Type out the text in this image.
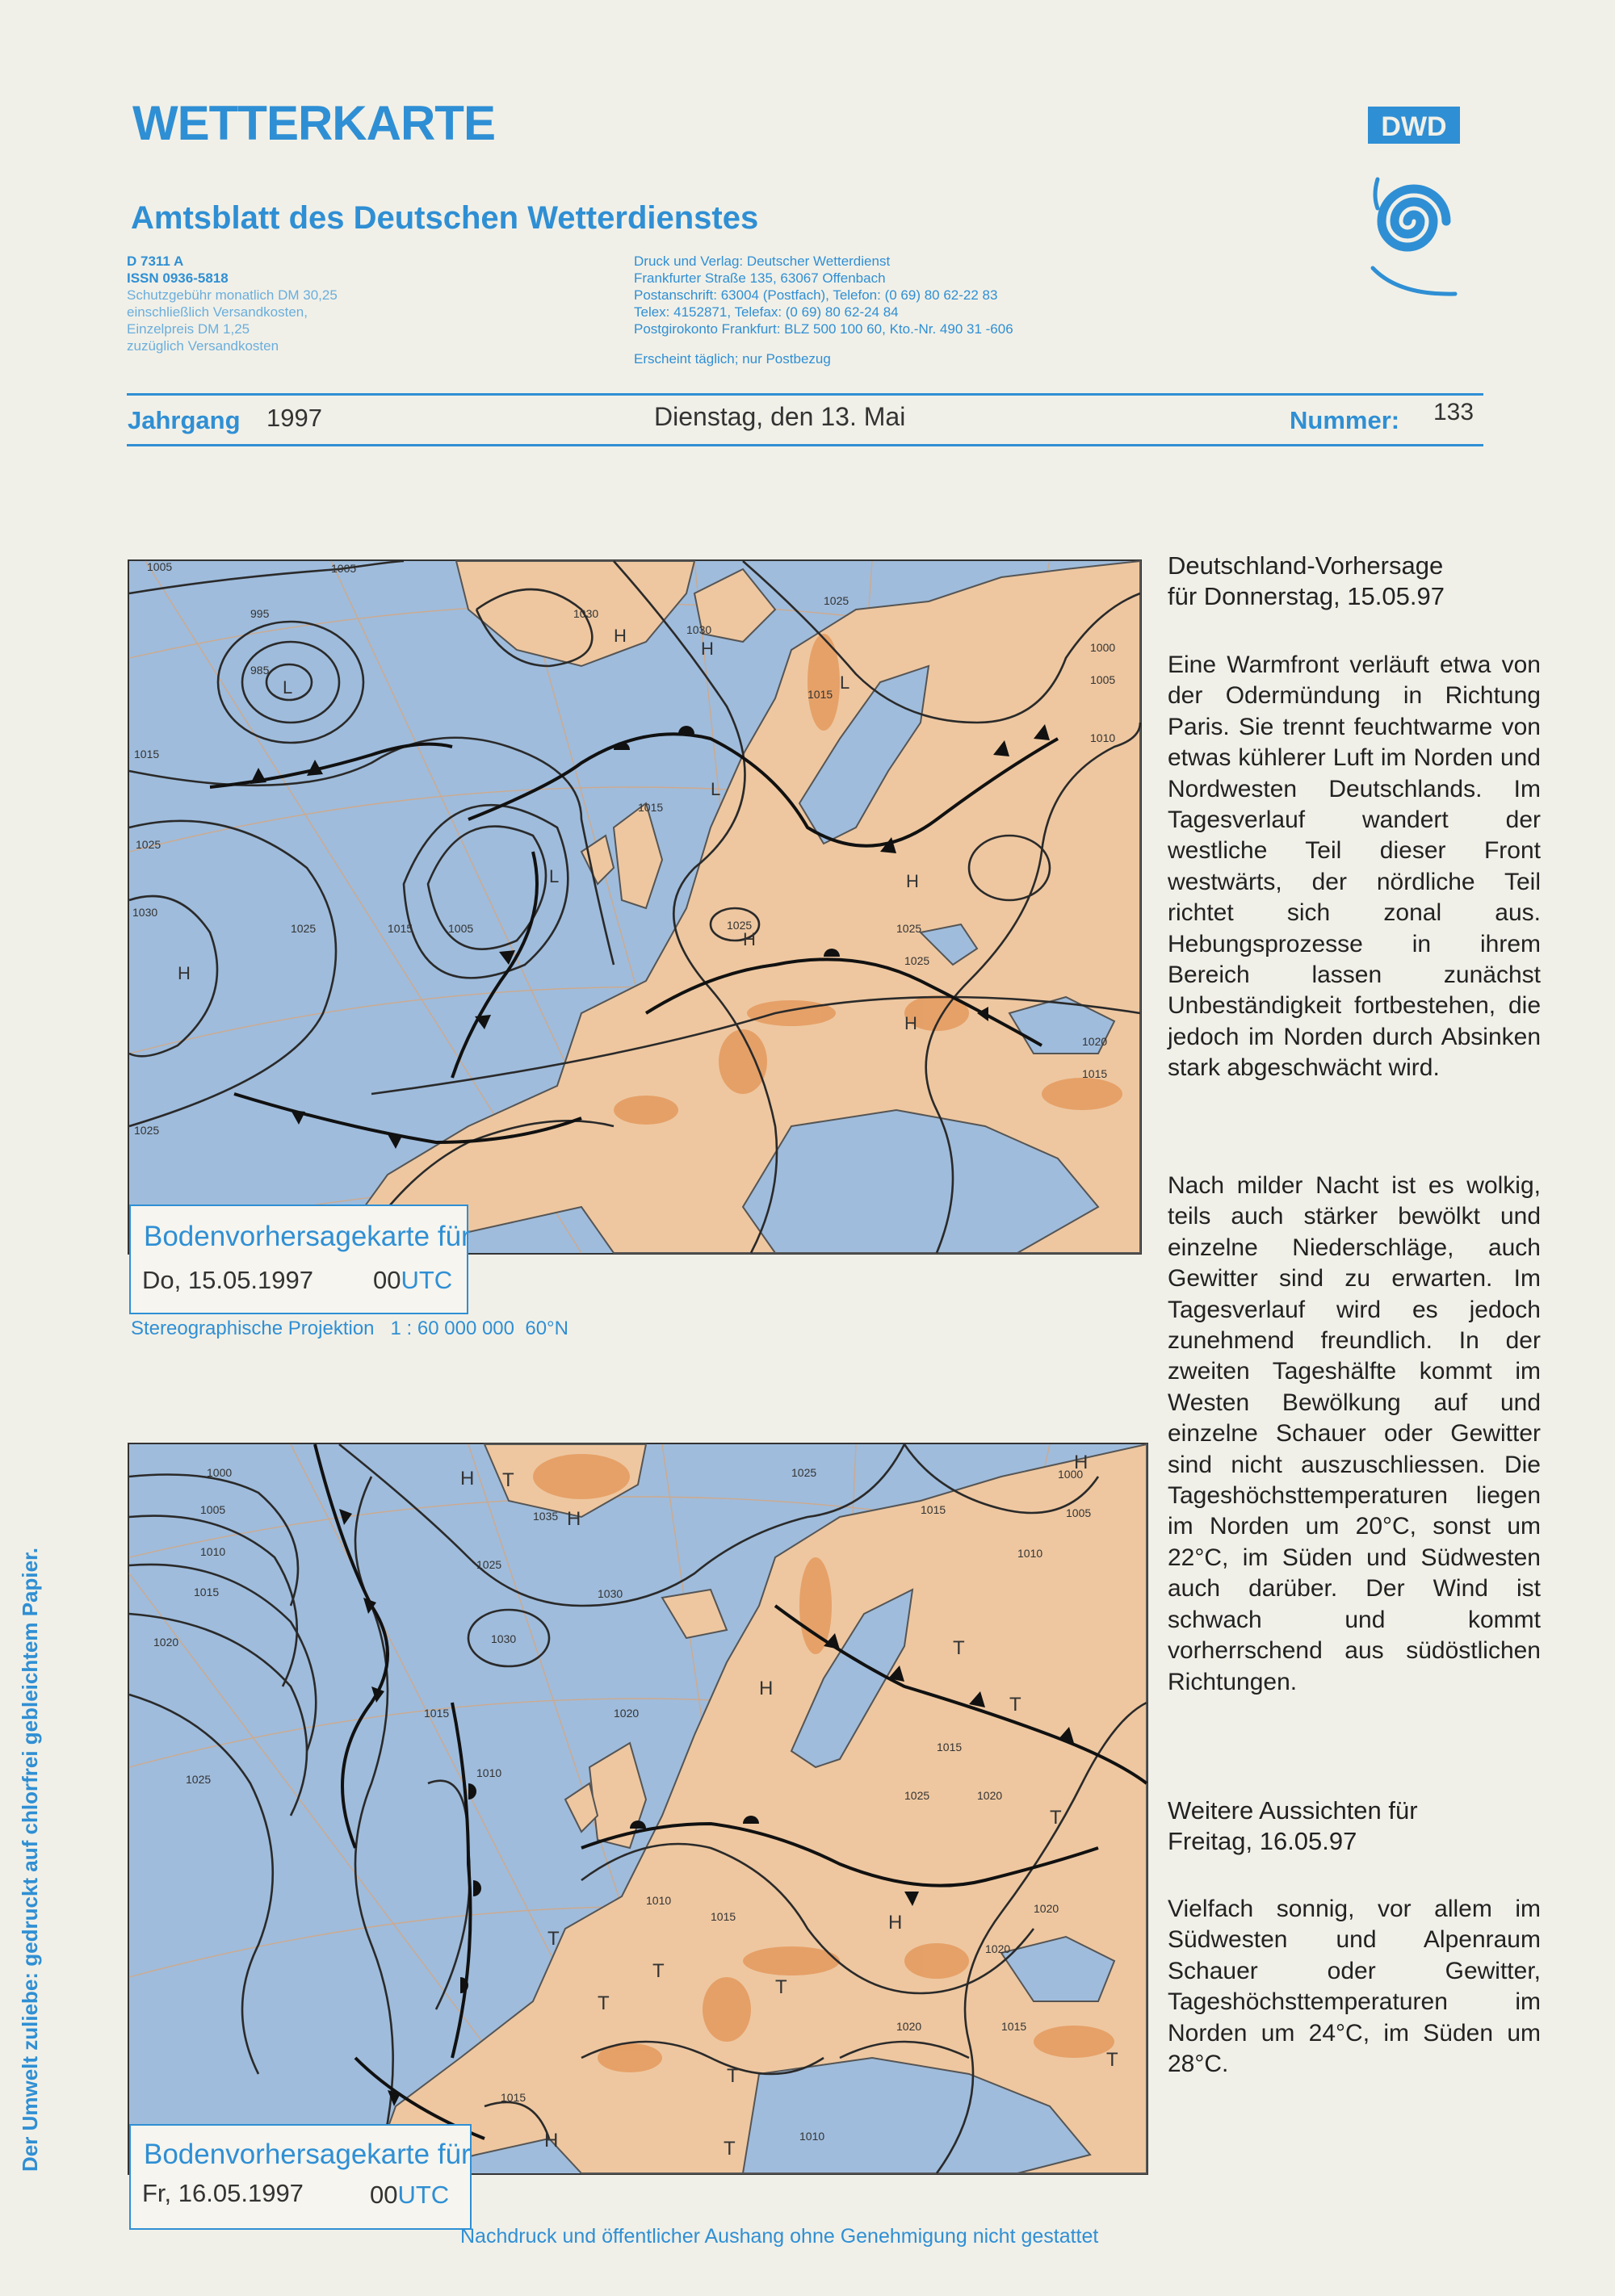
WETTERKARTE
Amtsblatt des Deutschen Wetterdienstes
D 7311 A
ISSN 0936-5818
Schutzgebühr monatlich DM 30,25
einschließlich Versandkosten,
Einzelpreis DM 1,25
zuzüglich Versandkosten
Druck und Verlag: Deutscher Wetterdienst
Frankfurter Straße 135, 63067 Offenbach
Postanschrift: 63004 (Postfach), Telefon: (0 69) 80 62-22 83
Telex: 4152871, Telefax: (0 69) 80 62-24 84
Postgirokonto Frankfurt: BLZ 500 100 60, Kto.-Nr. 490 31 -606
Erscheint täglich; nur Postbezug
DWD
Jahrgang 1997	Dienstag, den 13. Mai	Nummer: 133
1005	1005
995
985
1030
1030
1025
1000
1005
1010
1015
1015
1025
1030
1025	1015	1005
1015
1025	1025
1025
1020
1015
1025
H
H
L
L
L	H
H
H
H
L
Bodenvorhersagekarte für
Do, 15.05.1997 00UTC
Stereographische Projektion 1 : 60 000 000 60°N
1000
1005
1010
1015
1020
1025
1035
1025
1030
1030
1025
1015	1020
1000
1005
1010
1015
1020
1010
1015
1025
1020
1010
1015
1020	1015
1020
1015
1010
H T
H
H
T
T
H
T
H
T
T
T
H	T
T
T
T
Bodenvorhersagekarte für
Fr, 16.05.1997	00UTC
Deutschland-Vorhersage
für Donnerstag, 15.05.97

Eine Warmfront verläuft etwa von der Odermündung in Richtung Paris. Sie trennt feuchtwarme von etwas kühlerer Luft im Norden und Nordwesten Deutschlands. Im Tagesverlauf wandert der westliche Teil dieser Front westwärts, der nördliche Teil richtet sich zonal aus. Hebungsprozesse in ihrem Bereich lassen zunächst Unbeständigkeit fortbestehen, die jedoch im Norden durch Absinken stark abgeschwächt wird.

Nach milder Nacht ist es wolkig, teils auch stärker bewölkt und einzelne Niederschläge, auch Gewitter sind zu erwarten. Im Tagesverlauf wird es jedoch zunehmend freundlich. In der zweiten Tageshälfte kommt im Westen Bewölkung auf und einzelne Schauer oder Gewitter sind nicht auszuschliessen. Die Tageshöchsttemperaturen liegen im Norden um 20°C, sonst um 22°C, im Süden und Südwesten auch darüber. Der Wind ist schwach und kommt vorherrschend aus südöstlichen Richtungen.

Weitere Aussichten für
Freitag, 16.05.97

Vielfach sonnig, vor allem im Südwesten und Alpenraum Schauer oder Gewitter, Tageshöchsttemperaturen im Norden um 24°C, im Süden um 28°C.

Der Umwelt zuliebe: gedruckt auf chlorfrei gebleichtem Papier.
Nachdruck und öffentlicher Aushang ohne Genehmigung nicht gestattet
